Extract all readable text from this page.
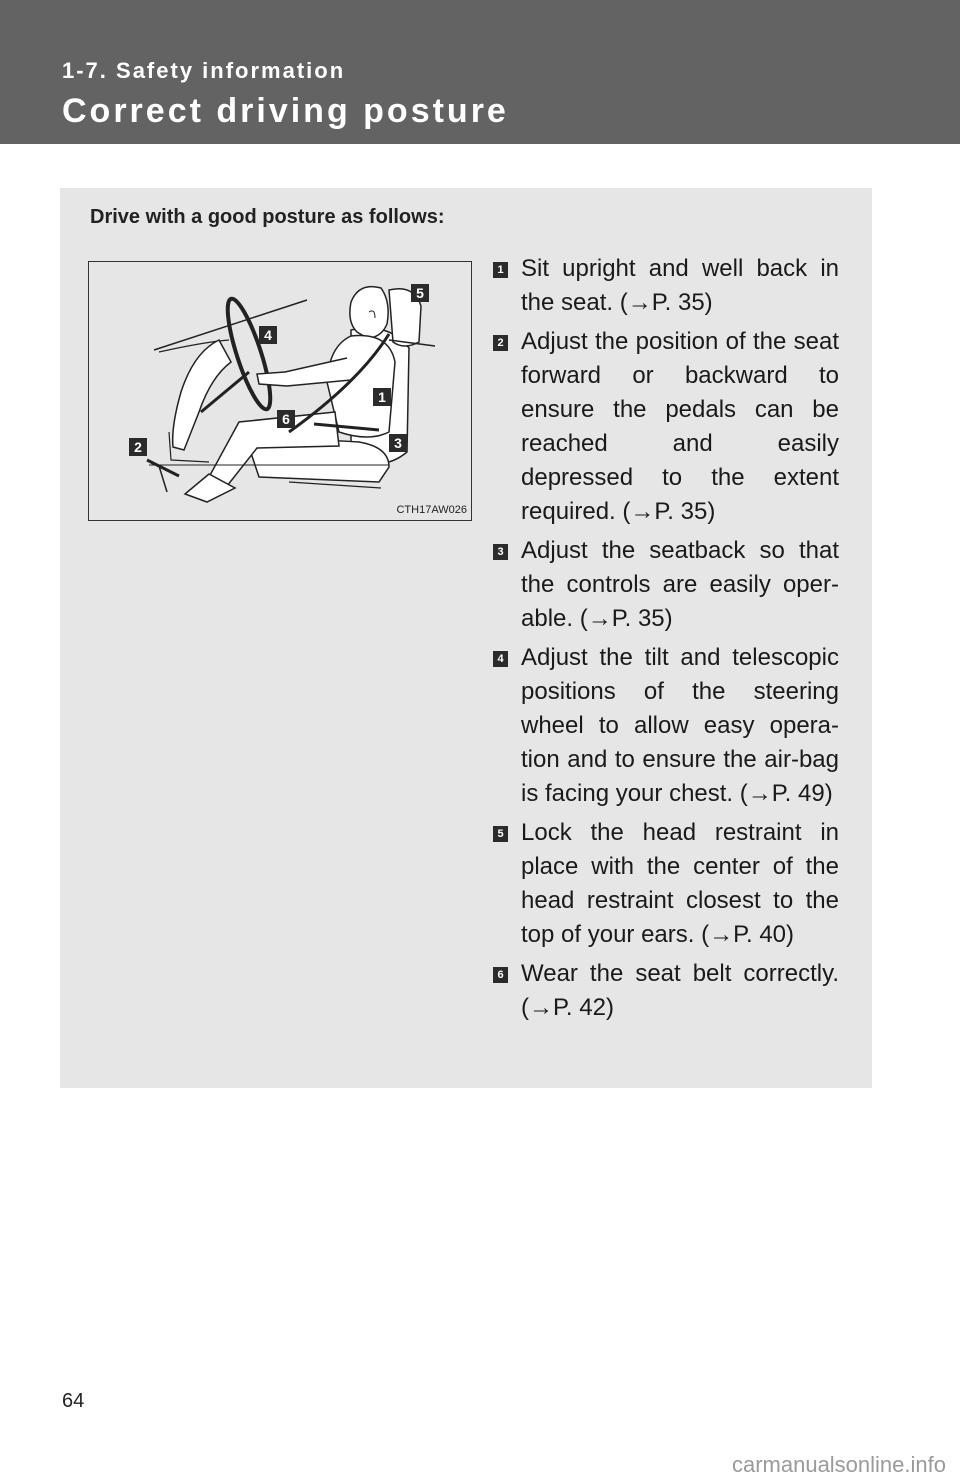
1-7. Safety information

Correct driving posture

Drive with a good posture as follows:

1
2	3
4
5
6
CTH17AW026
1 Sit upright and well back in the seat. (→P. 35)
2 Adjust the position of the seat forward or backward to ensure the pedals can be reached and easily depressed to the extent required. (→P. 35)
3 Adjust the seatback so that the controls are easily oper-able. (→P. 35)
4 Adjust the tilt and telescopic positions of the steering wheel to allow easy opera-tion and to ensure the air-bag is facing your chest. (→P. 49)
5 Lock the head restraint in place with the center of the head restraint closest to the top of your ears. (→P. 40)
6 Wear the seat belt correctly. (→P. 42)

64

carmanualsonline.info
